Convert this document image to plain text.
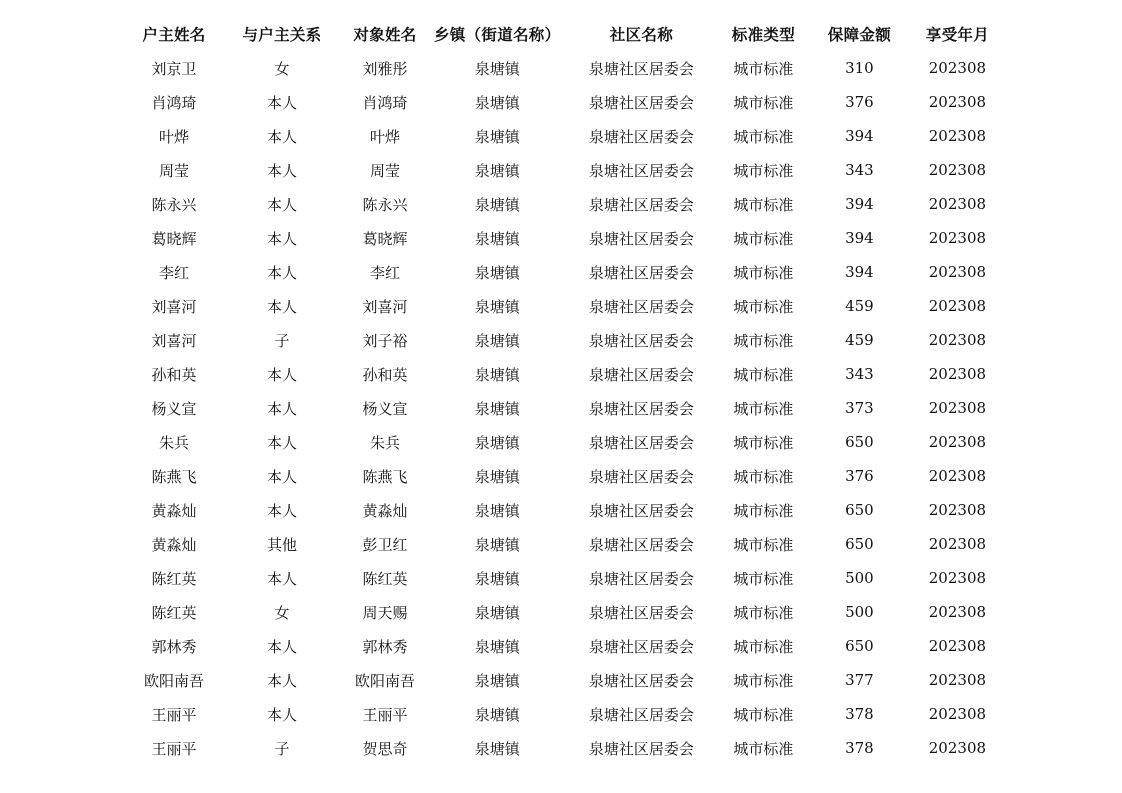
户主姓名	与户主关系	对象姓名	乡镇（街道名称）	社区名称	标准类型	保障金额	享受年月
刘京卫	女	刘雅彤	泉塘镇	泉塘社区居委会	城市标准	310	202308
肖鸿琦	本人	肖鸿琦	泉塘镇	泉塘社区居委会	城市标准	376	202308
叶烨	本人	叶烨	泉塘镇	泉塘社区居委会	城市标准	394	202308
周莹	本人	周莹	泉塘镇	泉塘社区居委会	城市标准	343	202308
陈永兴	本人	陈永兴	泉塘镇	泉塘社区居委会	城市标准	394	202308
葛晓辉	本人	葛晓辉	泉塘镇	泉塘社区居委会	城市标准	394	202308
李红	本人	李红	泉塘镇	泉塘社区居委会	城市标准	394	202308
刘喜河	本人	刘喜河	泉塘镇	泉塘社区居委会	城市标准	459	202308
刘喜河	子	刘子裕	泉塘镇	泉塘社区居委会	城市标准	459	202308
孙和英	本人	孙和英	泉塘镇	泉塘社区居委会	城市标准	343	202308
杨义宣	本人	杨义宣	泉塘镇	泉塘社区居委会	城市标准	373	202308
朱兵	本人	朱兵	泉塘镇	泉塘社区居委会	城市标准	650	202308
陈燕飞	本人	陈燕飞	泉塘镇	泉塘社区居委会	城市标准	376	202308
黄淼灿	本人	黄淼灿	泉塘镇	泉塘社区居委会	城市标准	650	202308
黄淼灿	其他	彭卫红	泉塘镇	泉塘社区居委会	城市标准	650	202308
陈红英	本人	陈红英	泉塘镇	泉塘社区居委会	城市标准	500	202308
陈红英	女	周天赐	泉塘镇	泉塘社区居委会	城市标准	500	202308
郭林秀	本人	郭林秀	泉塘镇	泉塘社区居委会	城市标准	650	202308
欧阳南吾	本人	欧阳南吾	泉塘镇	泉塘社区居委会	城市标准	377	202308
王丽平	本人	王丽平	泉塘镇	泉塘社区居委会	城市标准	378	202308
王丽平	子	贺思奇	泉塘镇	泉塘社区居委会	城市标准	378	202308
